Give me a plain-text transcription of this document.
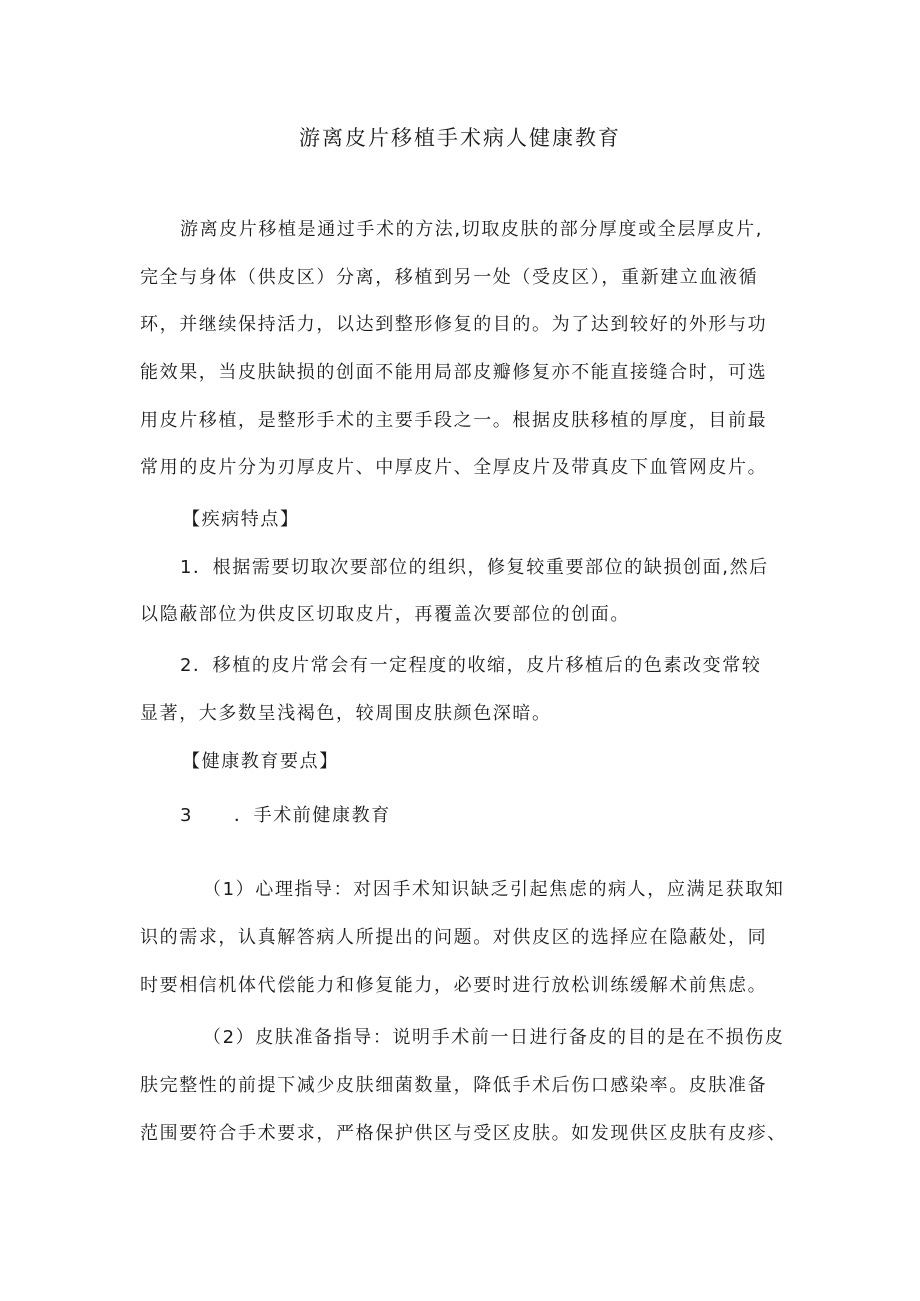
游离皮片移植手术病人健康教育
游离皮片移植是通过手术的方法,切取皮肤的部分厚度或全层厚皮片,
完全与身体（供皮区）分离，移植到另一处（受皮区），重新建立血液循
环，并继续保持活力，以达到整形修复的目的。为了达到较好的外形与功
能效果，当皮肤缺损的创面不能用局部皮瓣修复亦不能直接缝合时，可选
用皮片移植，是整形手术的主要手段之一。根据皮肤移植的厚度，目前最
常用的皮片分为刃厚皮片、中厚皮片、全厚皮片及带真皮下血管网皮片。
【疾病特点】
1．根据需要切取次要部位的组织，修复较重要部位的缺损创面,然后
以隐蔽部位为供皮区切取皮片，再覆盖次要部位的创面。
2．移植的皮片常会有一定程度的收缩，皮片移植后的色素改变常较
显著，大多数呈浅褐色，较周围皮肤颜色深暗。
【健康教育要点】
3 ．手术前健康教育
（1）心理指导：对因手术知识缺乏引起焦虑的病人，应满足获取知
识的需求，认真解答病人所提出的问题。对供皮区的选择应在隐蔽处，同
时要相信机体代偿能力和修复能力，必要时进行放松训练缓解术前焦虑。
（2）皮肤准备指导：说明手术前一日进行备皮的目的是在不损伤皮
肤完整性的前提下减少皮肤细菌数量，降低手术后伤口感染率。皮肤准备
范围要符合手术要求，严格保护供区与受区皮肤。如发现供区皮肤有皮疹、
